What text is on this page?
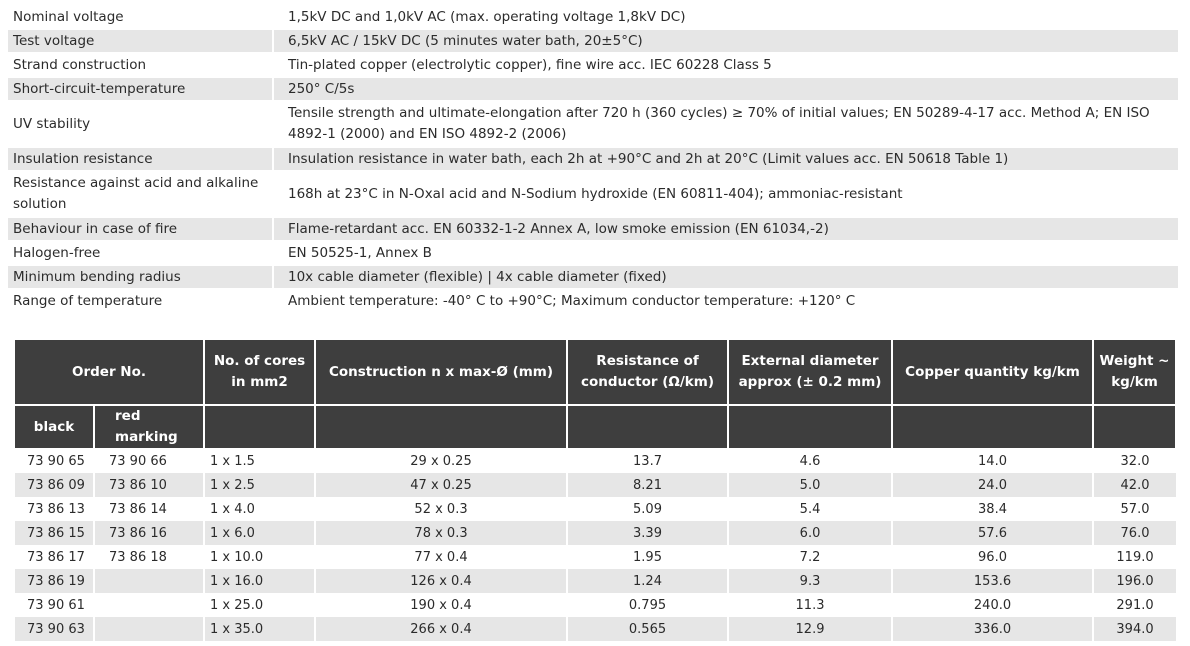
Nominal voltage	1,5kV DC and 1,0kV AC (max. operating voltage 1,8kV DC)
Test voltage	6,5kV AC / 15kV DC (5 minutes water bath, 20±5°C)
Strand construction	Tin-plated copper (electrolytic copper), fine wire acc. IEC 60228 Class 5
Short-circuit-temperature	250° C/5s
UV stability	Tensile strength and ultimate-elongation after 720 h (360 cycles) ≥ 70% of initial values; EN 50289-4-17 acc. Method A; EN ISO 4892-1 (2000) and EN ISO 4892-2 (2006)
Insulation resistance	Insulation resistance in water bath, each 2h at +90°C and 2h at 20°C (Limit values acc. EN 50618 Table 1)
Resistance against acid and alkaline solution	168h at 23°C in N-Oxal acid and N-Sodium hydroxide (EN 60811-404); ammoniac-resistant
Behaviour in case of fire	Flame-retardant acc. EN 60332-1-2 Annex A, low smoke emission (EN 61034,-2)
Halogen-free	EN 50525-1, Annex B
Minimum bending radius	10x cable diameter (flexible) | 4x cable diameter (fixed)
Range of temperature	Ambient temperature: -40° C to +90°C; Maximum conductor temperature: +120° C
Order No.		No. of cores in mm2	Construction n x max-Ø (mm)	Resistance of conductor (Ω/km)	External diameter approx (± 0.2 mm)	Copper quantity kg/km	Weight ~ kg/km
black	red marking						
73 90 65	73 90 66	1 x 1.5	29 x 0.25	13.7	4.6	14.0	32.0
73 86 09	73 86 10	1 x 2.5	47 x 0.25	8.21	5.0	24.0	42.0
73 86 13	73 86 14	1 x 4.0	52 x 0.3	5.09	5.4	38.4	57.0
73 86 15	73 86 16	1 x 6.0	78 x 0.3	3.39	6.0	57.6	76.0
73 86 17	73 86 18	1 x 10.0	77 x 0.4	1.95	7.2	96.0	119.0
73 86 19		1 x 16.0	126 x 0.4	1.24	9.3	153.6	196.0
73 90 61		1 x 25.0	190 x 0.4	0.795	11.3	240.0	291.0
73 90 63		1 x 35.0	266 x 0.4	0.565	12.9	336.0	394.0
